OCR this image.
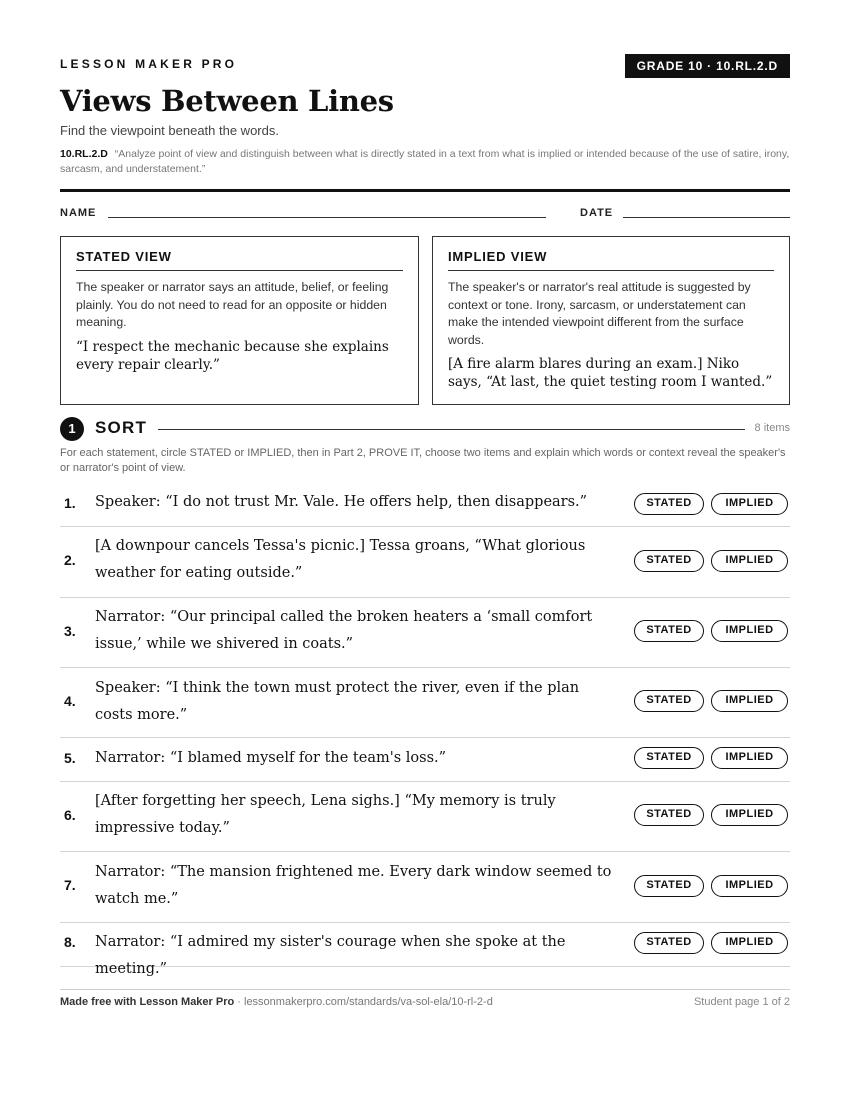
LESSON MAKER PRO	GRADE 10 · 10.RL.2.D
Views Between Lines
Find the viewpoint beneath the words.
10.RL.2.D “Analyze point of view and distinguish between what is directly stated in a text from what is implied or intended because of the use of satire, irony, sarcasm, and understatement.”
NAME	DATE
STATED VIEW
The speaker or narrator says an attitude, belief, or feeling plainly. You do not need to read for an opposite or hidden meaning.
“I respect the mechanic because she explains every repair clearly.”
IMPLIED VIEW
The speaker's or narrator's real attitude is suggested by context or tone. Irony, sarcasm, or understatement can make the intended viewpoint different from the surface words.
[A fire alarm blares during an exam.] Niko says, “At last, the quiet testing room I wanted.”
1	SORT	8 items
For each statement, circle STATED or IMPLIED, then in Part 2, PROVE IT, choose two items and explain which words or context reveal the speaker's or narrator's point of view.
1. Speaker: “I do not trust Mr. Vale. He offers help, then disappears.”	STATED	IMPLIED
2.
[A downpour cancels Tessa's picnic.] Tessa groans, “What glorious weather for eating outside.”
STATED	IMPLIED
3.
Narrator: “Our principal called the broken heaters a ‘small comfort issue,’ while we shivered in coats.”
STATED	IMPLIED
4.
Speaker: “I think the town must protect the river, even if the plan costs more.”
STATED	IMPLIED
5. Narrator: “I blamed myself for the team's loss.”	STATED	IMPLIED
6.
[After forgetting her speech, Lena sighs.] “My memory is truly impressive today.”
STATED	IMPLIED
7.
Narrator: “The mansion frightened me. Every dark window seemed to watch me.”
STATED	IMPLIED
8. Narrator: “I admired my sister's courage when she spoke at the meeting.”
STATED	IMPLIED
Made free with Lesson Maker Pro · lessonmakerpro.com/standards/va-sol-ela/10-rl-2-d	Student page 1 of 2
